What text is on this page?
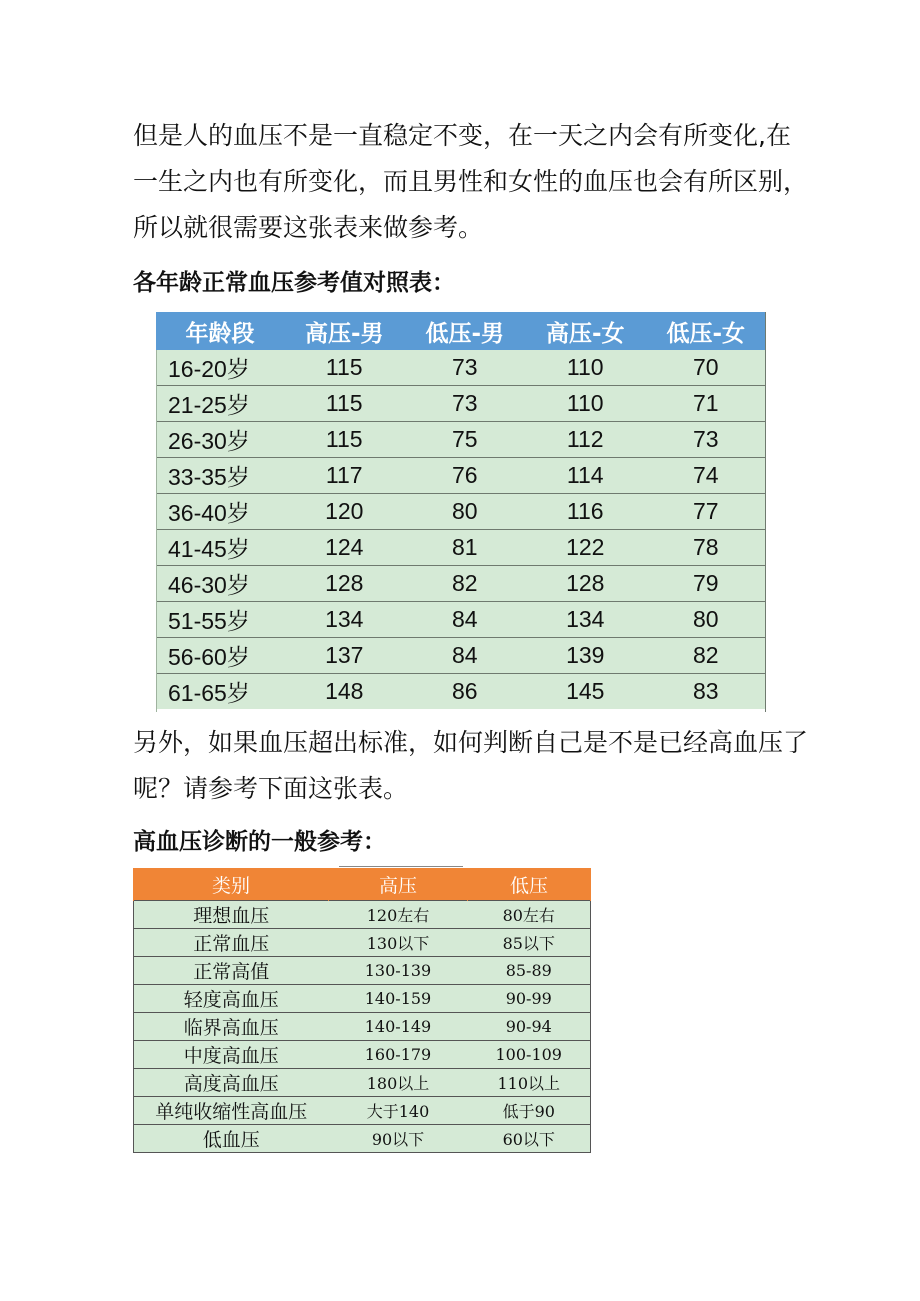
但是人的血压不是一直稳定不变，在一天之内会有所变化,在一生之内也有所变化，而且男性和女性的血压也会有所区别，所以就很需要这张表来做参考。

各年龄正常血压参考值对照表：
年龄段	高压-男	低压-男	高压-女	低压-女
16-20岁	115	73	110	70
21-25岁	115	73	110	71
26-30岁	115	75	112	73
33-35岁	117	76	114	74
36-40岁	120	80	116	77
41-45岁	124	81	122	78
46-30岁	128	82	128	79
51-55岁	134	84	134	80
56-60岁	137	84	139	82
61-65岁	148	86	145	83

另外，如果血压超出标准，如何判断自己是不是已经高血压了呢？请参考下面这张表。

高血压诊断的一般参考：
类别	高压	低压
理想血压	120左右	80左右
正常血压	130以下	85以下
正常高值	130-139	85-89
轻度高血压	140-159	90-99
临界高血压	140-149	90-94
中度高血压	160-179	100-109
高度高血压	180以上	110以上
单纯收缩性高血压	大于140	低于90
低血压	90以下	60以下
